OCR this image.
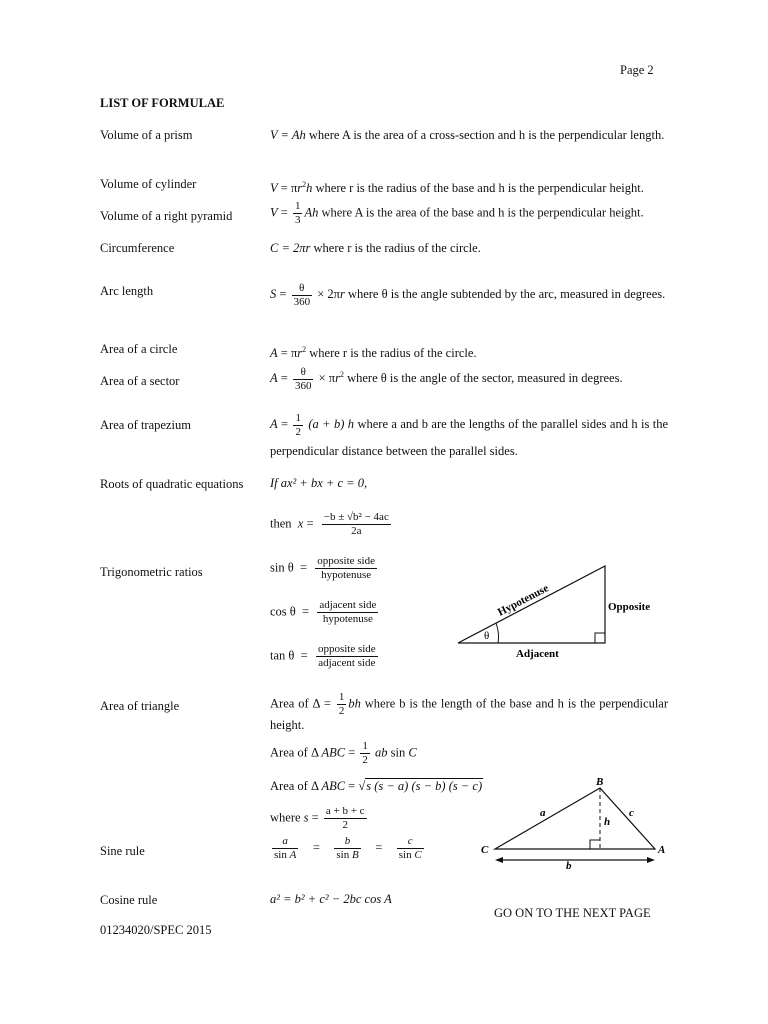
Page 2
LIST OF FORMULAE
Volume of a prism	V = Ah where A is the area of a cross-section and h is the perpendicular length.
Volume of cylinder	$V = \pi r^2h$ where r is the radius of the base and h is the perpendicular height.
Volume of a right pyramid	$V = \frac{1}{3}$ Ah where A is the area of the base and h is the perpendicular height.
Circumference	C = 2πr where r is the radius of the circle.
Arc length	$S = \frac{\theta}{360} \times 2\pi r$ where θ is the angle subtended by the arc, measured in degrees.
Area of a circle	$A = \pi r^2$ where r is the radius of the circle.
Area of a sector	$A = \frac{\theta}{360} \times \pi r^2$ where θ is the angle of the sector, measured in degrees.
Area of trapezium	$A = \frac{1}{2} (a + b)$ h where a and b are the lengths of the parallel sides and h is the perpendicular distance between the parallel sides.
Roots of quadratic equations If ax² + bx + c = 0,
then $x = \frac{\text{−b ± √b² − 4ac}}{2a}$
Trigonometric ratios	$\sin \theta = \frac{\text{opposite side}}{\text{hypotenuse}}$
$\cos \theta = \frac{\text{adjacent side}}{\text{hypotenuse}}$
$\tan \theta = \frac{\text{opposite side}}{\text{adjacent side}}$
θ
Hypotenuse	Opposite
Adjacent
Area of triangle	Area of $\Delta = \frac{1}{2}$ bh where b is the length of the base and h is the perpendicular height.
Area of Δ ABC = $\frac{1}{2}$ ab sin C
Area of Δ ABC = √s (s − a) (s − b) (s − c)
where $s = \frac{a + b + c}{2}$
Sine rule	$\frac{a}{\text{sin A}} = \frac{b}{\text{sin B}} = \frac{c}{\text{sin C}}$
Cosine rule	a² = b² + c² − 2bc cos A
B
C	A
a	c
h
b
GO ON TO THE NEXT PAGE
01234020/SPEC 2015
